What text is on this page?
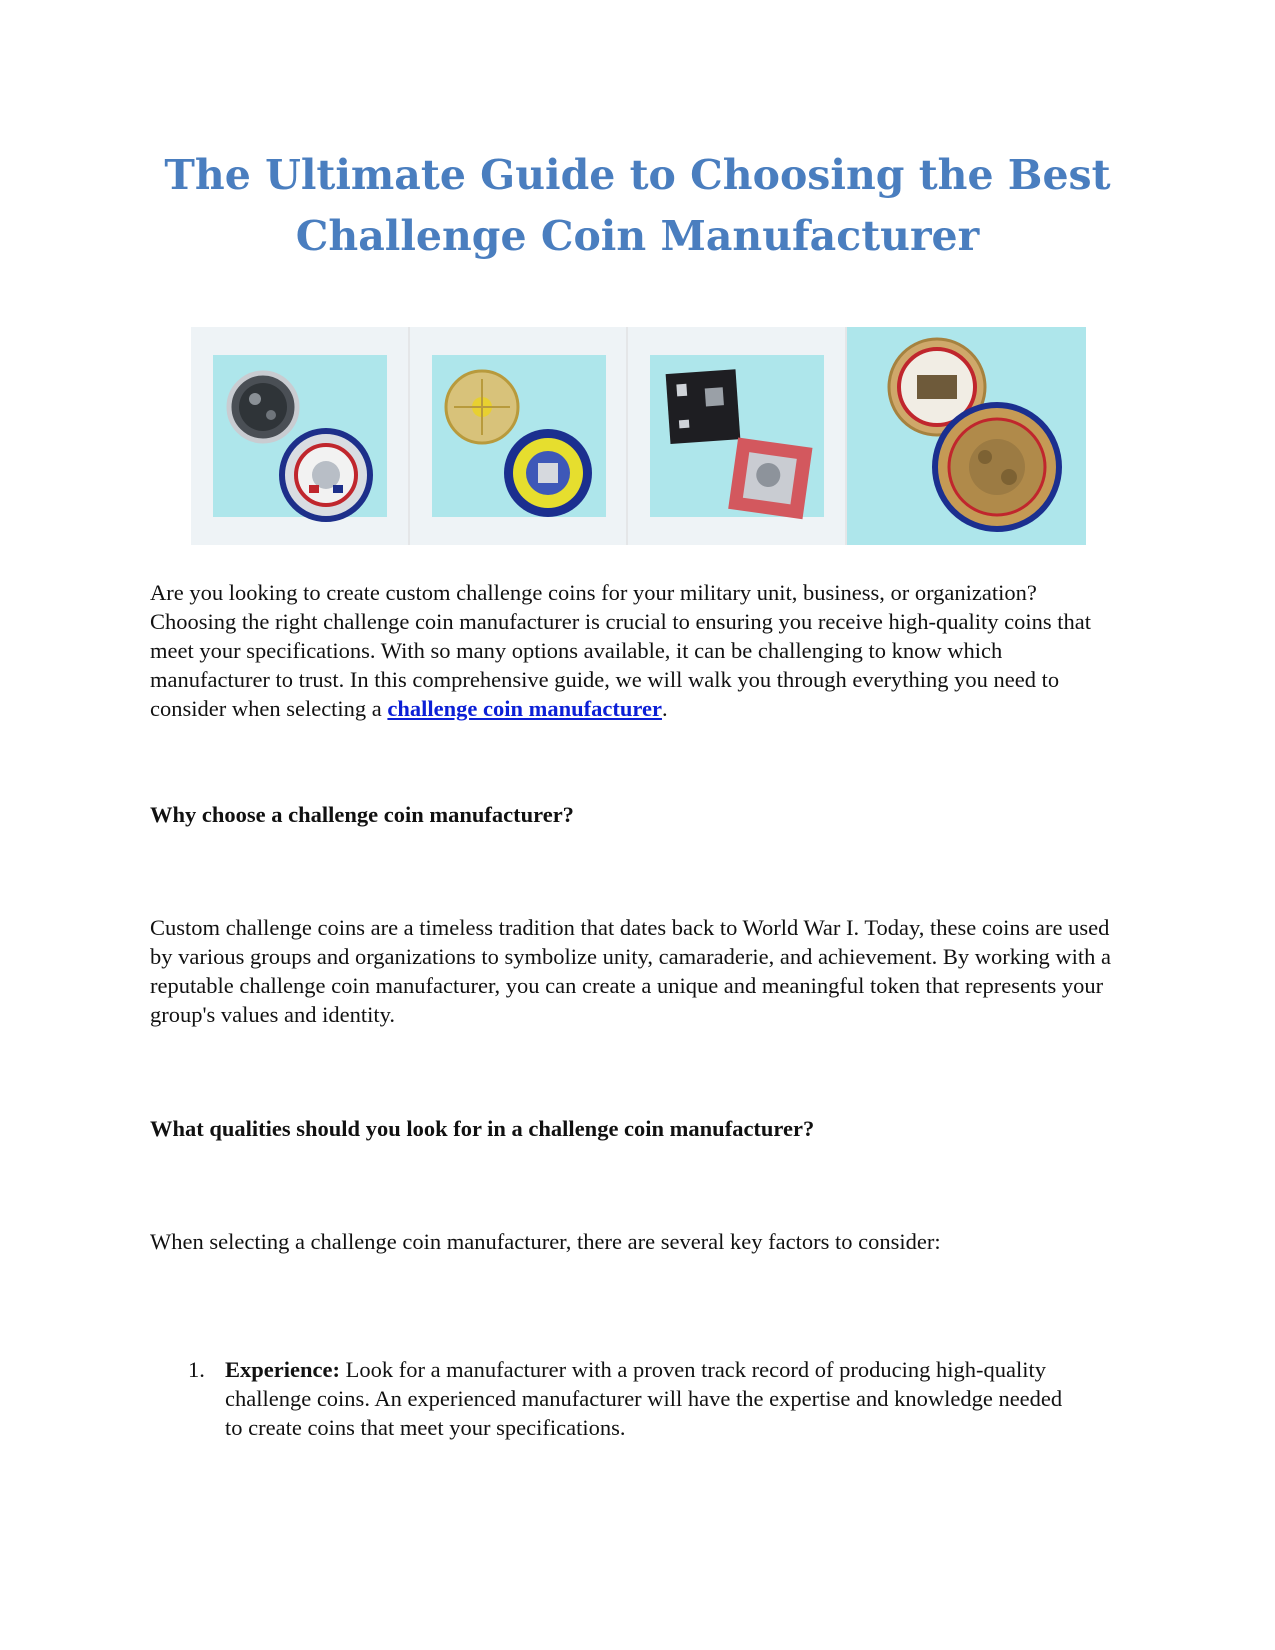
The Ultimate Guide to Choosing the Best
Challenge Coin Manufacturer

Are you looking to create custom challenge coins for your military unit, business, or organization? Choosing the right challenge coin manufacturer is crucial to ensuring you receive high-quality coins that meet your specifications. With so many options available, it can be challenging to know which manufacturer to trust. In this comprehensive guide, we will walk you through everything you need to consider when selecting a challenge coin manufacturer.

Why choose a challenge coin manufacturer?

Custom challenge coins are a timeless tradition that dates back to World War I. Today, these coins are used by various groups and organizations to symbolize unity, camaraderie, and achievement. By working with a reputable challenge coin manufacturer, you can create a unique and meaningful token that represents your group's values and identity.

What qualities should you look for in a challenge coin manufacturer?

When selecting a challenge coin manufacturer, there are several key factors to consider:

1. Experience: Look for a manufacturer with a proven track record of producing high-quality challenge coins. An experienced manufacturer will have the expertise and knowledge needed to create coins that meet your specifications.
